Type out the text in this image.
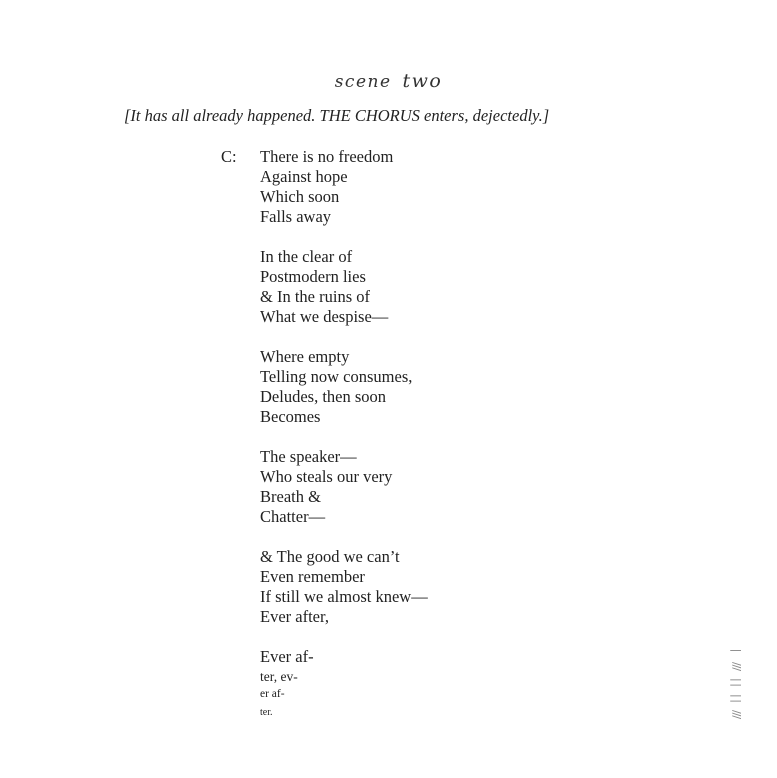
scene two
[It has all already happened. THE CHORUS enters, dejectedly.]
C: There is no freedom
Against hope
Which soon
Falls away
In the clear of
Postmodern lies
& In the ruins of
What we despise—
Where empty
Telling now consumes,
Deludes, then soon
Becomes
The speaker—
Who steals our very
Breath &
Chatter—
& The good we can’t
Even remember
If still we almost knew—
Ever after,
Ever af-
ter, ev-
er af-
ter.
|
///
| |
| |
///
